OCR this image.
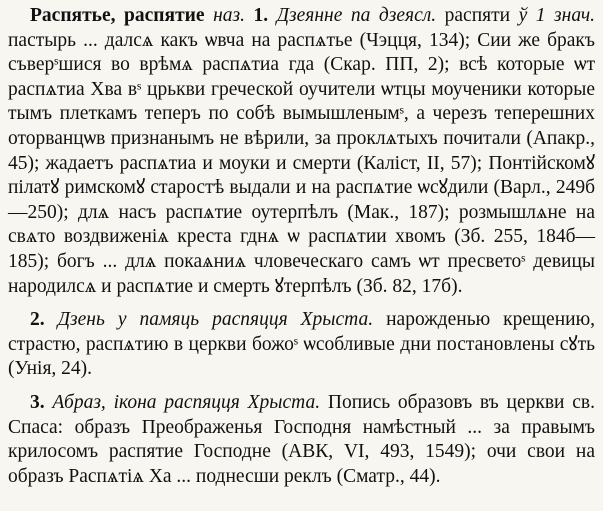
Распятье, распятие наз. 1. Дзеянне па дзеясл. распяти ў 1 знач. пастырь ... далсѧ какъ ѡвча на распѧтье (Чэцця, 134); Сии же бракъ съверˢшися во врѣмѧ распѧтиа гда (Скар. ПП, 2); всѣ которые ѡт распѧтиа Хва вˢ црькви греческой оучители ѡтцы моученики которые тымъ плеткамъ теперъ по собѣ вымышленымˢ, а черезъ теперешних оторванцѡв признанымъ не вѣрили, за проклѧтыхъ почитали (Апакр., 45); жадаетъ распѧтиа и моуки и смерти (Каліст, II, 57); Понтійскомꙋ пілатꙋ римскомꙋ старостѣ выдали и на распѧтие ѡсꙋдили (Варл., 249б—250); длѧ насъ распѧтие оутерпѣлъ (Мак., 187); розмышлѧне на свѧто воздвиженіѧ креста гднѧ ѡ распѧтии хвомъ (Зб. 255, 184б—185); богъ ... длѧ покаѧниѧ чловеческаго самъ ѡт пресветоˢ девицы народилсѧ и распѧтие и смерть ꙋтерпѣлъ (Зб. 82, 17б).

2. Дзень у памяць распяцця Хрыста. нарожденью крещению, страстю, распѧтию в церкви божоˢ ѡсобливые дни постановлены сꙋть (Унія, 24).

3. Абраз, ікона распяцця Хрыста. Попись образовъ въ церкви св. Спаса: образъ Преображенья Господня намѣстный ... за правымъ крилосомъ распятие Господне (АВК, VI, 493, 1549); очи свои на образъ Распѧтіѧ Ха ... поднесши реклъ (Сматр., 44).
